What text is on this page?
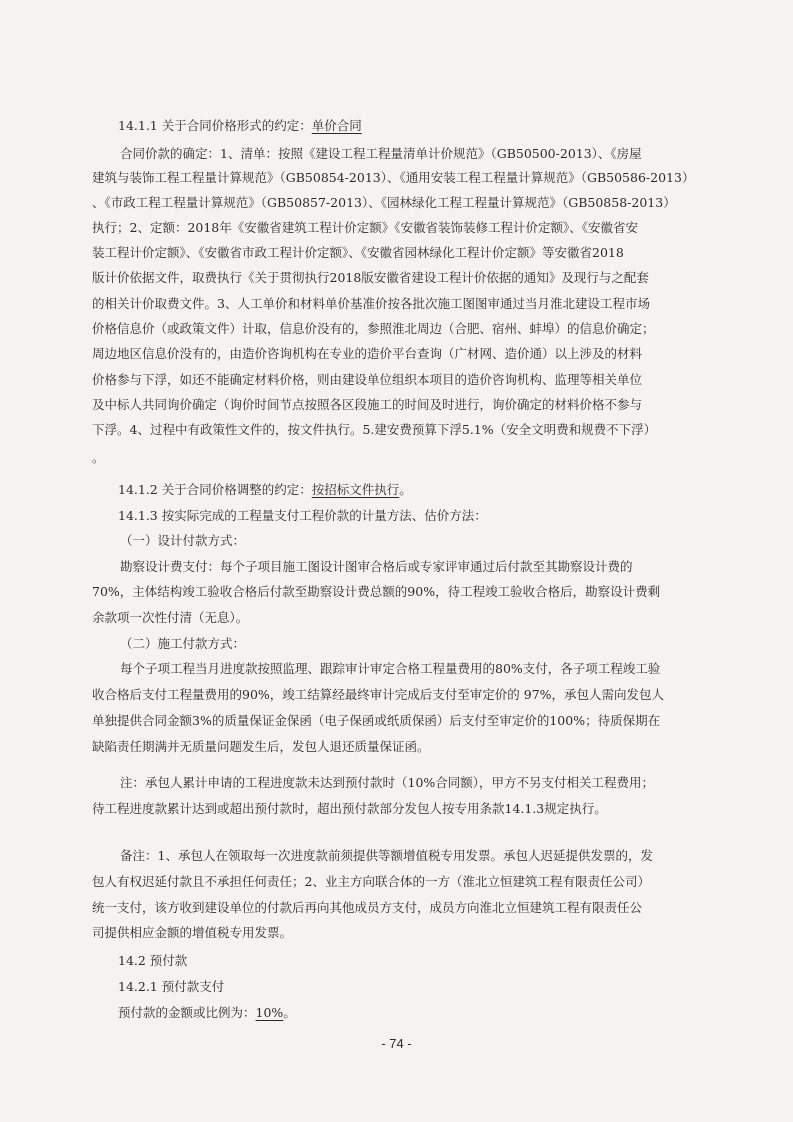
14.1.1 关于合同价格形式的约定：单价合同
合同价款的确定：1、清单：按照《建设工程工程量清单计价规范》（GB50500-2013）、《房屋
建筑与装饰工程工程量计算规范》（GB50854-2013）、《通用安装工程工程量计算规范》（GB50586-2013）
、《市政工程工程量计算规范》（GB50857-2013）、《园林绿化工程工程量计算规范》（GB50858-2013）
执行；2、定额：2018年《安徽省建筑工程计价定额》《安徽省装饰装修工程计价定额》、《安徽省安
装工程计价定额》、《安徽省市政工程计价定额》、《安徽省园林绿化工程计价定额》等安徽省2018
版计价依据文件，取费执行《关于贯彻执行2018版安徽省建设工程计价依据的通知》及现行与之配套
的相关计价取费文件。3、人工单价和材料单价基准价按各批次施工图图审通过当月淮北建设工程市场
价格信息价（或政策文件）计取，信息价没有的，参照淮北周边（合肥、宿州、蚌埠）的信息价确定；
周边地区信息价没有的，由造价咨询机构在专业的造价平台查询（广材网、造价通）以上涉及的材料
价格参与下浮，如还不能确定材料价格，则由建设单位组织本项目的造价咨询机构、监理等相关单位
及中标人共同询价确定（询价时间节点按照各区段施工的时间及时进行，询价确定的材料价格不参与
下浮。4、过程中有政策性文件的，按文件执行。5.建安费预算下浮5.1%（安全文明费和规费不下浮）
。
14.1.2 关于合同价格调整的约定：按招标文件执行。
14.1.3 按实际完成的工程量支付工程价款的计量方法、估价方法：
（一）设计付款方式：
勘察设计费支付：每个子项目施工图设计图审合格后或专家评审通过后付款至其勘察设计费的
70%，主体结构竣工验收合格后付款至勘察设计费总额的90%，待工程竣工验收合格后，勘察设计费剩
余款项一次性付清（无息）。
（二）施工付款方式：
每个子项工程当月进度款按照监理、跟踪审计审定合格工程量费用的80%支付，各子项工程竣工验
收合格后支付工程量费用的90%，竣工结算经最终审计完成后支付至审定价的 97%，承包人需向发包人
单独提供合同金额3%的质量保证金保函（电子保函或纸质保函）后支付至审定价的100%；待质保期在
缺陷责任期满并无质量问题发生后，发包人退还质量保证函。
注：承包人累计申请的工程进度款未达到预付款时（10%合同额），甲方不另支付相关工程费用；
待工程进度款累计达到或超出预付款时，超出预付款部分发包人按专用条款14.1.3规定执行。
备注：1、承包人在领取每一次进度款前须提供等额增值税专用发票。承包人迟延提供发票的，发
包人有权迟延付款且不承担任何责任；2、业主方向联合体的一方（淮北立恒建筑工程有限责任公司）
统一支付，该方收到建设单位的付款后再向其他成员方支付，成员方向淮北立恒建筑工程有限责任公
司提供相应金额的增值税专用发票。
14.2 预付款
14.2.1 预付款支付
预付款的金额或比例为：10%。
- 74 -
